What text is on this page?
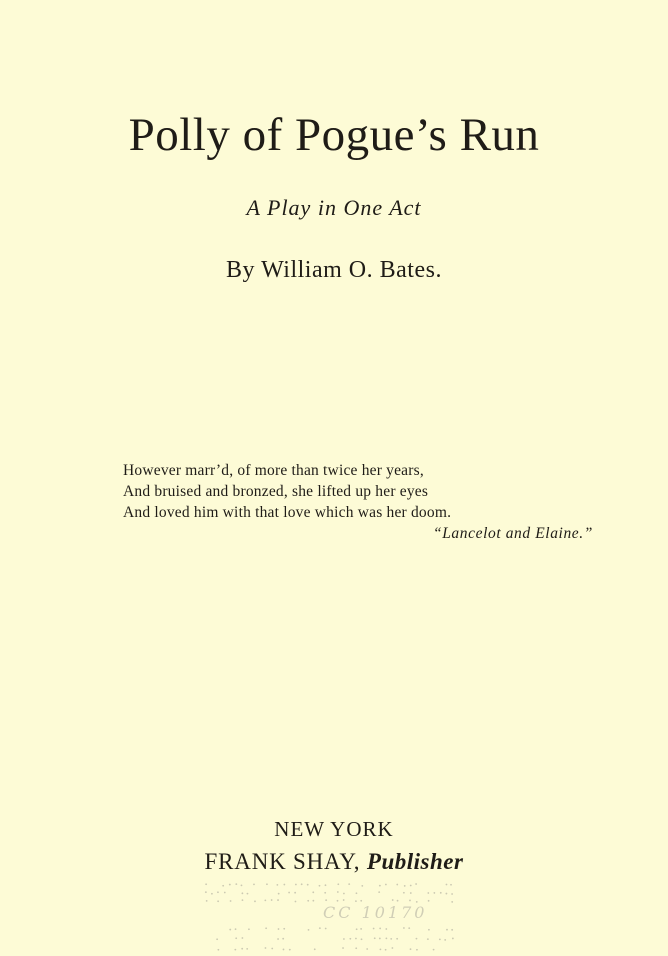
Polly of Pogue’s Run
A Play in One Act
By William O. Bates.
However marr’d, of more than twice her years,
And bruised and bronzed, she lifted up her eyes
And loved him with that love which was her doom.
“Lancelot and Elaine.”
NEW YORK
FRANK SHAY, Publisher
CC 10170
